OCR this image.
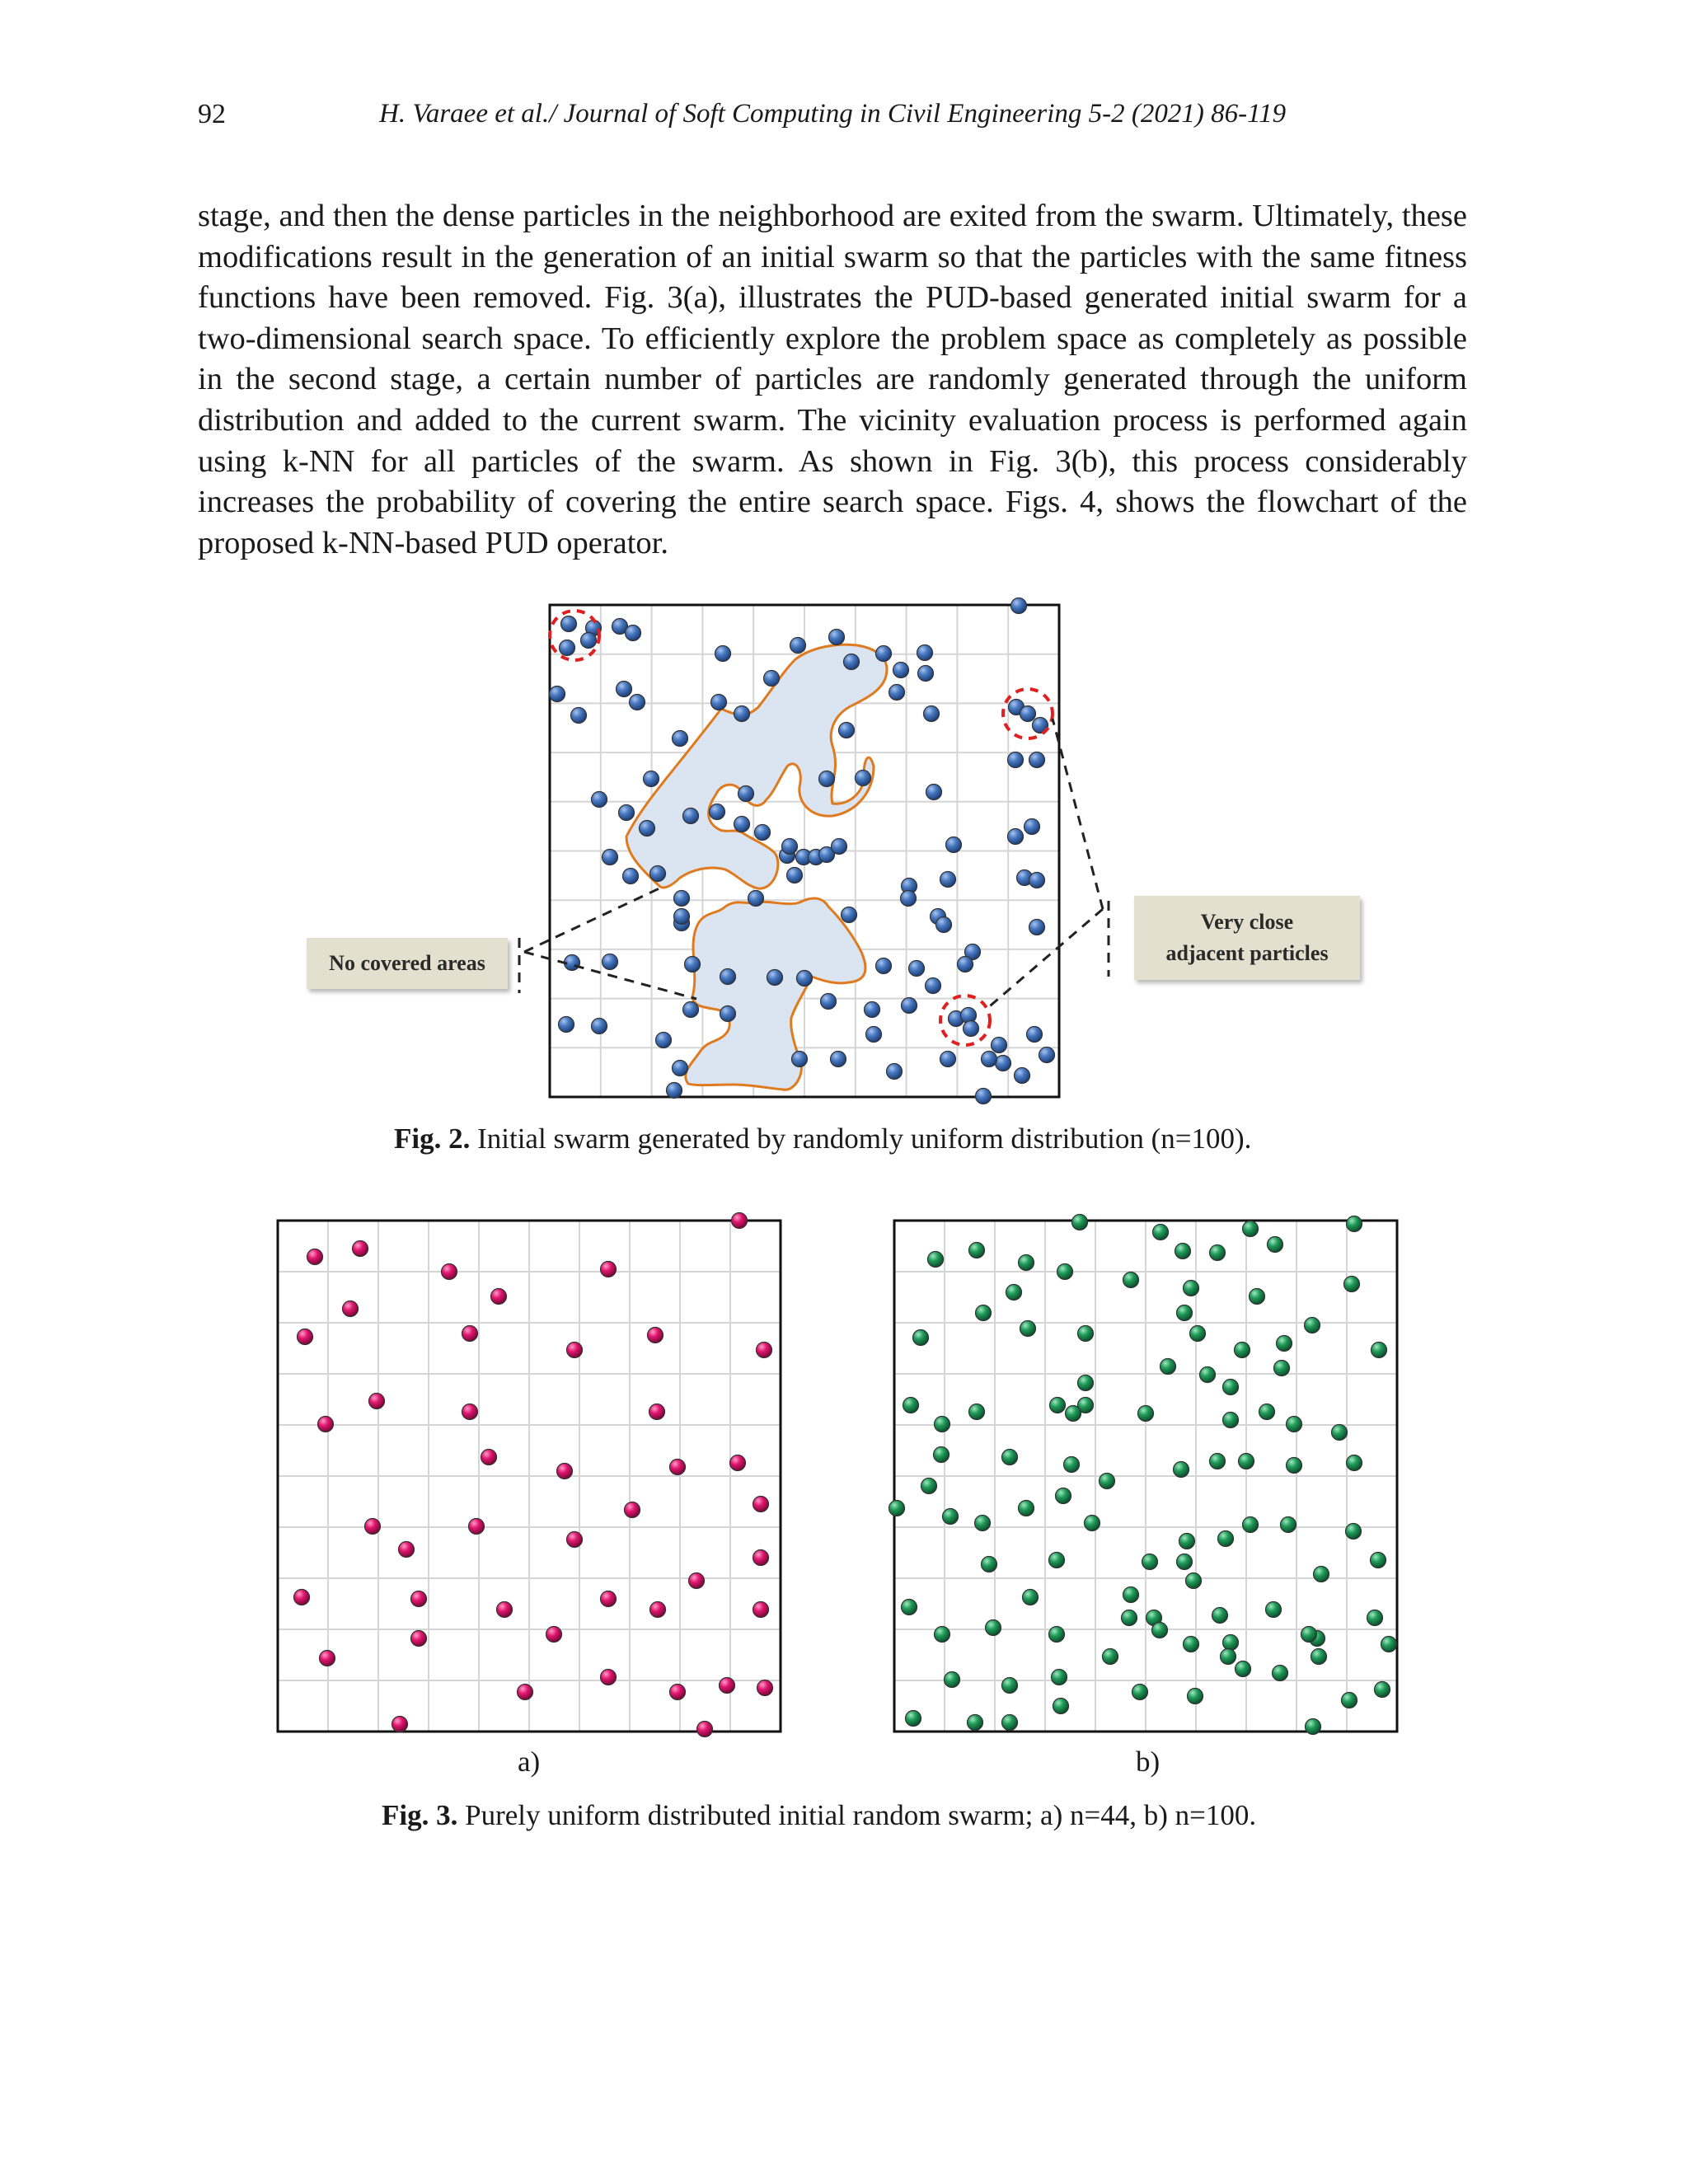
92	H. Varaee et al./ Journal of Soft Computing in Civil Engineering 5-2 (2021) 86-119

stage, and then the dense particles in the neighborhood are exited from the swarm. Ultimately, these modifications result in the generation of an initial swarm so that the particles with the same fitness functions have been removed. Fig. 3(a), illustrates the PUD-based generated initial swarm for a two-dimensional search space. To efficiently explore the problem space as completely as possible in the second stage, a certain number of particles are randomly generated through the uniform distribution and added to the current swarm. The vicinity evaluation process is performed again using k-NN for all particles of the swarm. As shown in Fig. 3(b), this process considerably increases the probability of covering the entire search space. Figs. 4, shows the flowchart of the proposed k-NN-based PUD operator.

No covered areas
Very close
adjacent particles
Fig. 2. Initial swarm generated by randomly uniform distribution (n=100).
a)	b)
Fig. 3. Purely uniform distributed initial random swarm; a) n=44, b) n=100.
